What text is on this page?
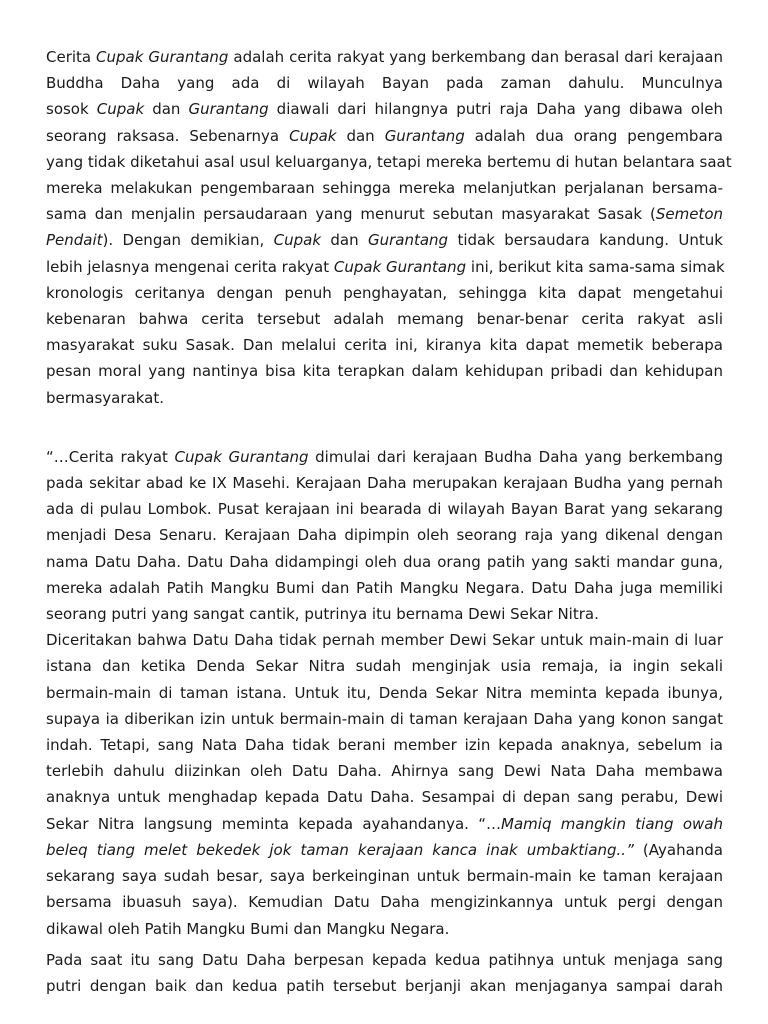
Cerita Cupak Gurantang adalah cerita rakyat yang berkembang dan berasal dari kerajaan

Buddha Daha yang ada di wilayah Bayan pada zaman dahulu. Munculnya

sosok Cupak dan Gurantang diawali dari hilangnya putri raja Daha yang dibawa oleh

seorang raksasa. Sebenarnya Cupak dan Gurantang adalah dua orang pengembara

yang tidak diketahui asal usul keluarganya, tetapi mereka bertemu di hutan belantara saat

mereka melakukan pengembaraan sehingga mereka melanjutkan perjalanan bersama-

sama dan menjalin persaudaraan yang menurut sebutan masyarakat Sasak (Semeton

Pendait). Dengan demikian, Cupak dan Gurantang tidak bersaudara kandung. Untuk

lebih jelasnya mengenai cerita rakyat Cupak Gurantang ini, berikut kita sama-sama simak

kronologis ceritanya dengan penuh penghayatan, sehingga kita dapat mengetahui

kebenaran bahwa cerita tersebut adalah memang benar-benar cerita rakyat asli

masyarakat suku Sasak. Dan melalui cerita ini, kiranya kita dapat memetik beberapa

pesan moral yang nantinya bisa kita terapkan dalam kehidupan pribadi dan kehidupan

bermasyarakat.

“…Cerita rakyat Cupak Gurantang dimulai dari kerajaan Budha Daha yang berkembang

pada sekitar abad ke IX Masehi. Kerajaan Daha merupakan kerajaan Budha yang pernah

ada di pulau Lombok. Pusat kerajaan ini bearada di wilayah Bayan Barat yang sekarang

menjadi Desa Senaru. Kerajaan Daha dipimpin oleh seorang raja yang dikenal dengan

nama Datu Daha. Datu Daha didampingi oleh dua orang patih yang sakti mandar guna,

mereka adalah Patih Mangku Bumi dan Patih Mangku Negara. Datu Daha juga memiliki

seorang putri yang sangat cantik, putrinya itu bernama Dewi Sekar Nitra.

Diceritakan bahwa Datu Daha tidak pernah member Dewi Sekar untuk main-main di luar

istana dan ketika Denda Sekar Nitra sudah menginjak usia remaja, ia ingin sekali

bermain-main di taman istana. Untuk itu, Denda Sekar Nitra meminta kepada ibunya,

supaya ia diberikan izin untuk bermain-main di taman kerajaan Daha yang konon sangat

indah. Tetapi, sang Nata Daha tidak berani member izin kepada anaknya, sebelum ia

terlebih dahulu diizinkan oleh Datu Daha. Ahirnya sang Dewi Nata Daha membawa

anaknya untuk menghadap kepada Datu Daha. Sesampai di depan sang perabu, Dewi

Sekar Nitra langsung meminta kepada ayahandanya. “…Mamiq mangkin tiang owah

beleq tiang melet bekedek jok taman kerajaan kanca inak umbaktiang..” (Ayahanda

sekarang saya sudah besar, saya berkeinginan untuk bermain-main ke taman kerajaan

bersama ibuasuh saya). Kemudian Datu Daha mengizinkannya untuk pergi dengan

dikawal oleh Patih Mangku Bumi dan Mangku Negara.

Pada saat itu sang Datu Daha berpesan kepada kedua patihnya untuk menjaga sang

putri dengan baik dan kedua patih tersebut berjanji akan menjaganya sampai darah
